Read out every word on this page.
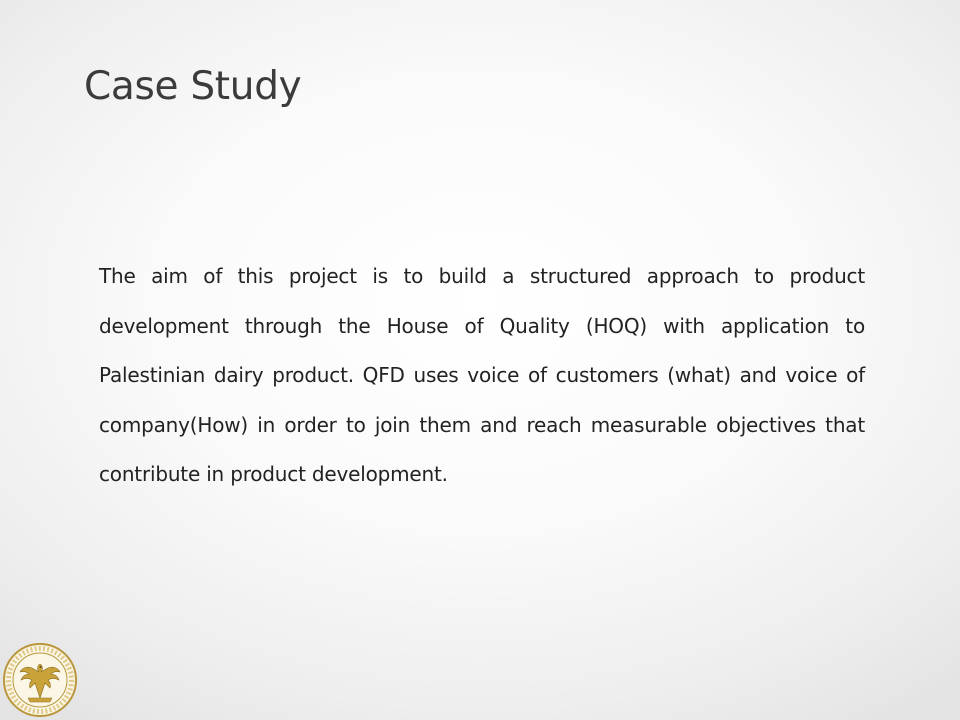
Case Study

The aim of this project is to build a structured approach to product development through the House of Quality (HOQ) with application to Palestinian dairy product. QFD uses voice of customers (what) and voice of company(How) in order to join them and reach measurable objectives that contribute in product development.
